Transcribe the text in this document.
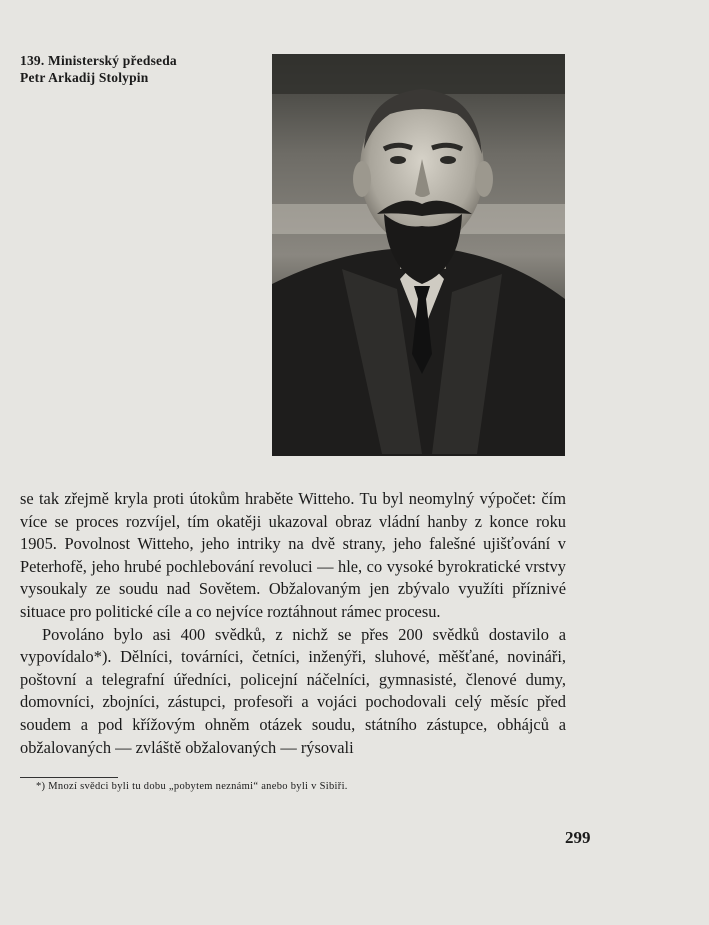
139. Ministerský předseda
Petr Arkadij Stolypin

se tak zřejmě kryla proti útokům hraběte Witteho. Tu byl neomylný výpočet: čím více se proces rozvíjel, tím okatěji ukazoval obraz vládní hanby z konce roku 1905. Povolnost Witteho, jeho intriky na dvě strany, jeho falešné ujišťování v Peterhofě, jeho hrubé pochlebování revoluci — hle, co vysoké byrokratické vrstvy vysoukaly ze soudu nad Sovětem. Obžalovaným jen zbývalo využíti příznivé situace pro politické cíle a co nejvíce roztáhnout rámec procesu.

Povoláno bylo asi 400 svědků, z nichž se přes 200 svědků dostavilo a vypovídalo*). Dělníci, továrníci, četníci, inženýři, sluhové, měšťané, novináři, poštovní a telegrafní úředníci, policejní náčelníci, gymnasisté, členové dumy, domovníci, zbojníci, zástupci, profesoři a vojáci pochodovali celý měsíc před soudem a pod křížovým ohněm otázek soudu, státního zástupce, obhájců a obžalovaných — zvláště obžalovaných — rýsovali

*) Mnozí svědci byli tu dobu „pobytem neznámi“ anebo byli v Sibiři.
299
